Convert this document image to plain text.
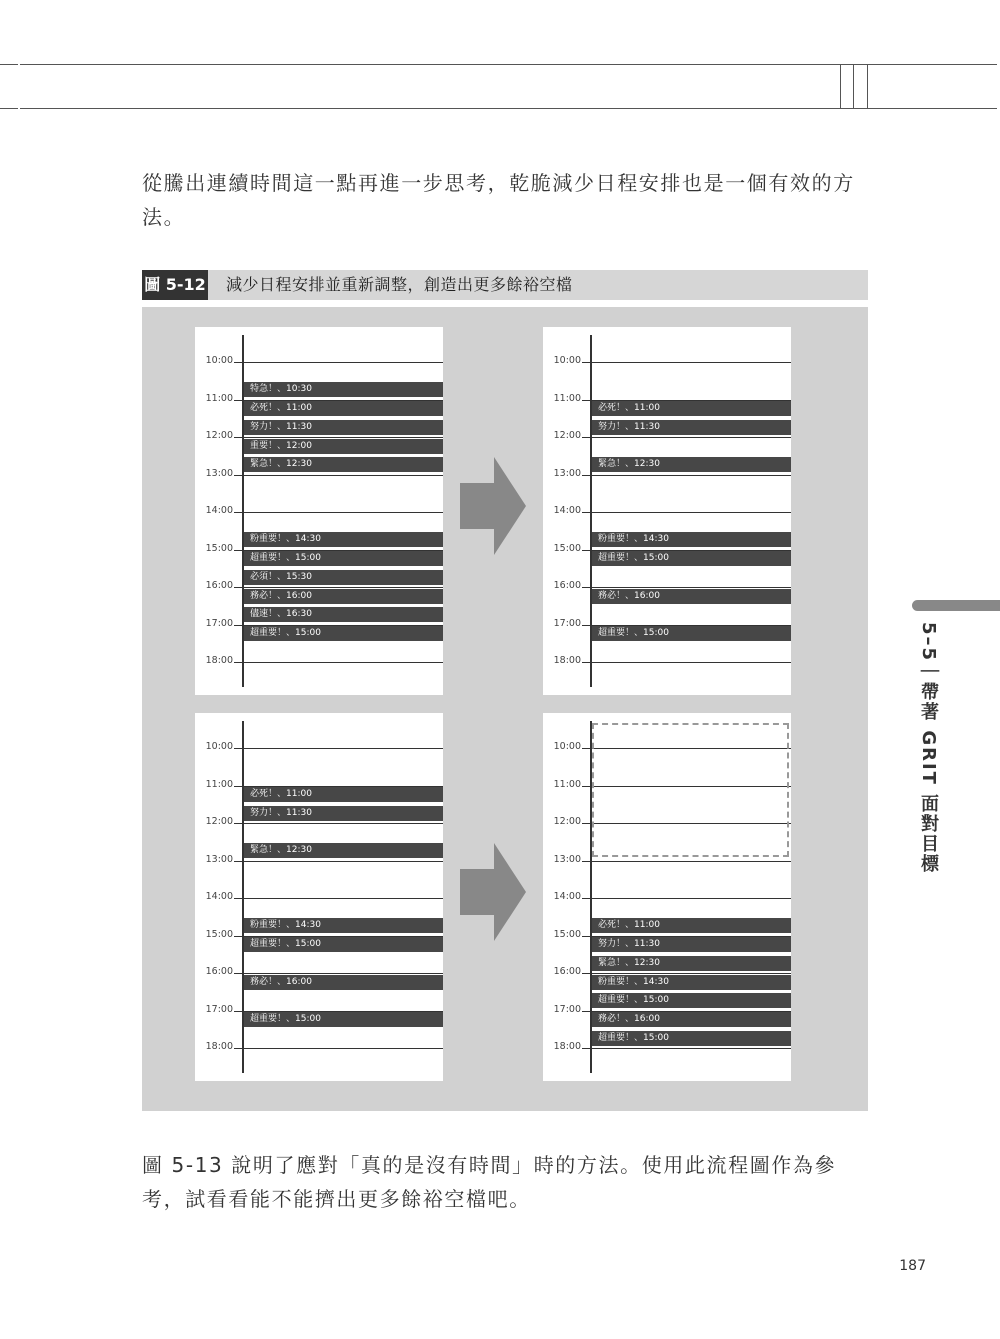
從騰出連續時間這一點再進一步思考，乾脆減少日程安排也是一個有效的方法。

圖 5-12 減少日程安排並重新調整，創造出更多餘裕空檔
10:00
11:00
12:00
13:00
14:00
15:00
16:00
17:00
18:00
特急！、10:30
必死！、11:00
努力！、11:30
重要！、12:00
緊急！、12:30
粉重要！、14:30
超重要！、15:00
必須！、15:30
務必！、16:00
儘速！、16:30
超重要！、15:00
10:00
11:00
12:00
13:00
14:00
15:00
16:00
17:00
18:00
必死！、11:00
努力！、11:30
緊急！、12:30
粉重要！、14:30
超重要！、15:00
務必！、16:00
超重要！、15:00
10:00
11:00
12:00
13:00
14:00
15:00
16:00
17:00
18:00
必死！、11:00
努力！、11:30
緊急！、12:30
粉重要！、14:30
超重要！、15:00
務必！、16:00
超重要！、15:00
10:00
11:00
12:00
13:00
14:00
15:00
16:00
17:00
18:00
必死！、11:00
努力！、11:30
緊急！、12:30
粉重要！、14:30
超重要！、15:00
務必！、16:00
超重要！、15:00
5–5｜帶著 GRIT 面對目標

圖 5-13 說明了應對「真的是沒有時間」時的方法。使用此流程圖作為參考，試看看能不能擠出更多餘裕空檔吧。

187
